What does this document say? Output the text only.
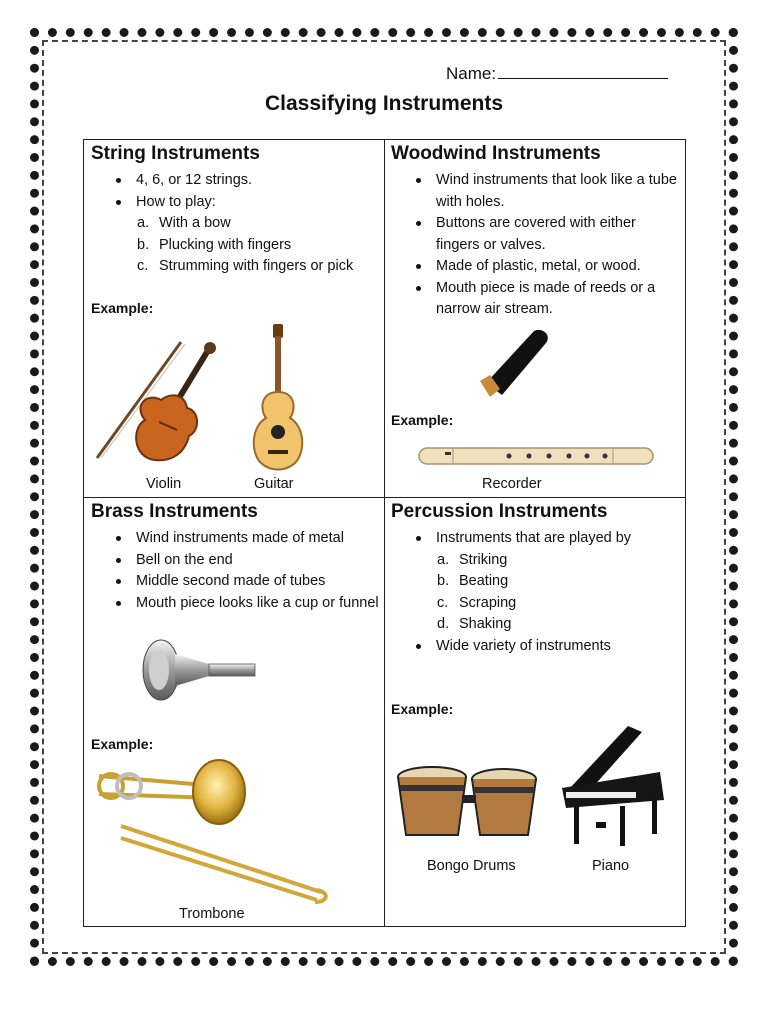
Name:
Classifying Instruments
String Instruments
4, 6, or 12 strings.
How to play:
a. With a bow
b. Plucking with fingers
c. Strumming with fingers or pick
Example:
Violin	Guitar
Woodwind Instruments
Wind instruments that look like a tube with holes.
Buttons are covered with either fingers or valves.
Made of plastic, metal, or wood.
Mouth piece is made of reeds or a narrow air stream.
Example:
Recorder
Brass Instruments
Wind instruments made of metal
Bell on the end
Middle second made of tubes
Mouth piece looks like a cup or funnel
Example:
Trombone
Percussion Instruments
Instruments that are played by
a. Striking
b. Beating
c. Scraping
d. Shaking
Wide variety of instruments
Example:
Bongo Drums	Piano
